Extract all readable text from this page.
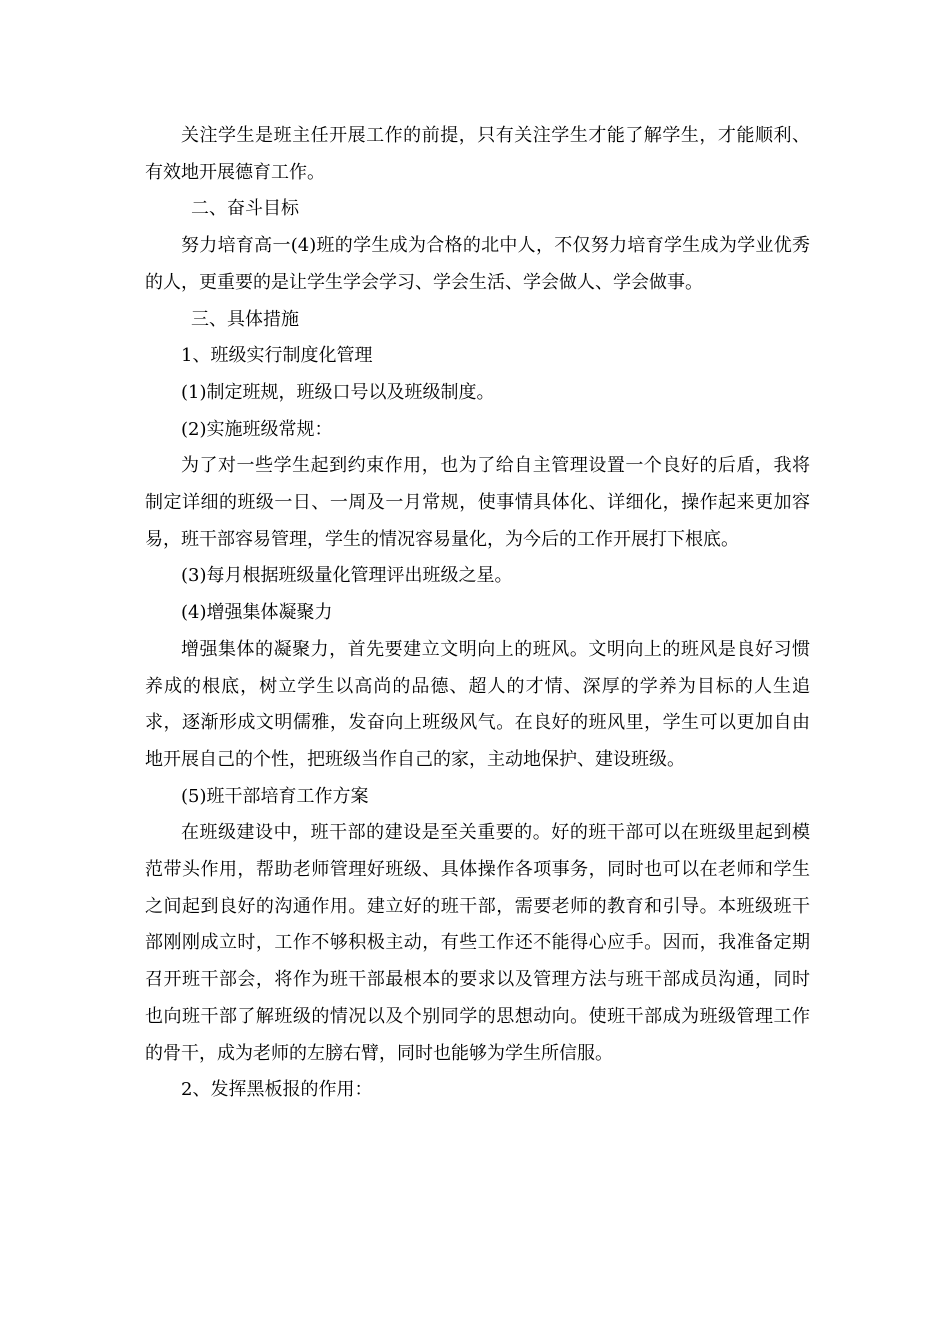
关注学生是班主任开展工作的前提，只有关注学生才能了解学生，才能顺利、有效地开展德育工作。

二、奋斗目标

努力培育高一(4)班的学生成为合格的北中人，不仅努力培育学生成为学业优秀的人，更重要的是让学生学会学习、学会生活、学会做人、学会做事。

三、具体措施

1、班级实行制度化管理

(1)制定班规，班级口号以及班级制度。

(2)实施班级常规：

为了对一些学生起到约束作用，也为了给自主管理设置一个良好的后盾，我将制定详细的班级一日、一周及一月常规，使事情具体化、详细化，操作起来更加容易，班干部容易管理，学生的情况容易量化，为今后的工作开展打下根底。

(3)每月根据班级量化管理评出班级之星。

(4)增强集体凝聚力

增强集体的凝聚力，首先要建立文明向上的班风。文明向上的班风是良好习惯养成的根底，树立学生以高尚的品德、超人的才情、深厚的学养为目标的人生追求，逐渐形成文明儒雅，发奋向上班级风气。在良好的班风里，学生可以更加自由地开展自己的个性，把班级当作自己的家，主动地保护、建设班级。

(5)班干部培育工作方案

在班级建设中，班干部的建设是至关重要的。好的班干部可以在班级里起到模范带头作用，帮助老师管理好班级、具体操作各项事务，同时也可以在老师和学生之间起到良好的沟通作用。建立好的班干部，需要老师的教育和引导。本班级班干部刚刚成立时，工作不够积极主动，有些工作还不能得心应手。因而，我准备定期召开班干部会，将作为班干部最根本的要求以及管理方法与班干部成员沟通，同时也向班干部了解班级的情况以及个别同学的思想动向。使班干部成为班级管理工作的骨干，成为老师的左膀右臂，同时也能够为学生所信服。

2、发挥黑板报的作用：
